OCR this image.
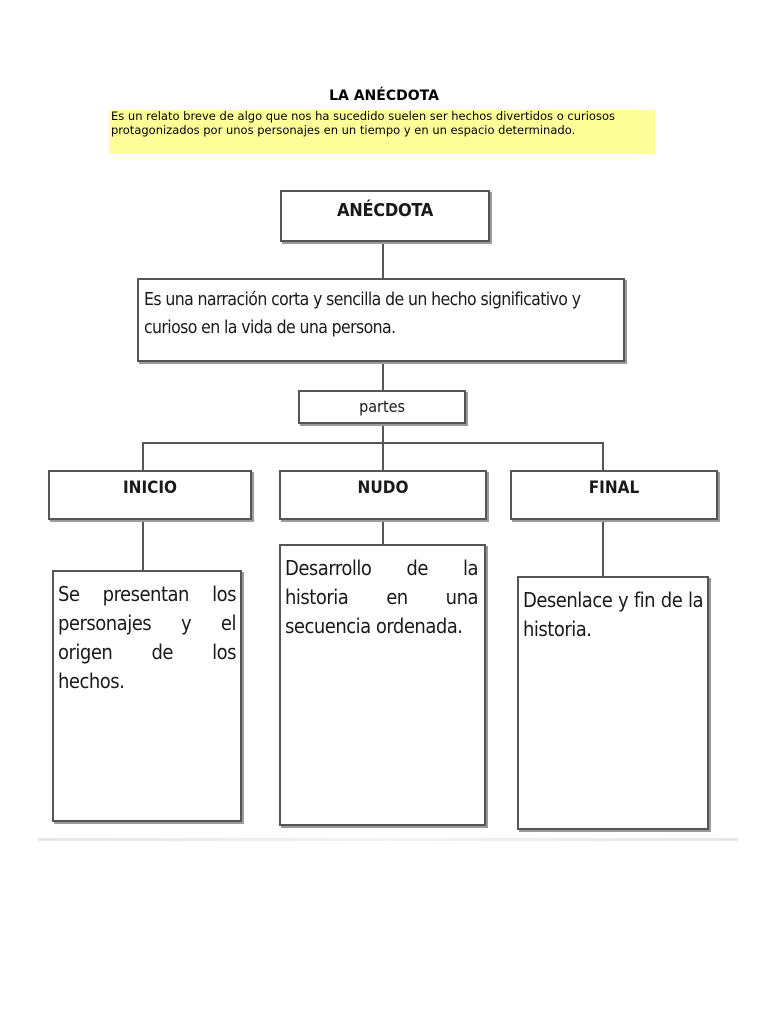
LA ANÉCDOTA
Es un relato breve de algo que nos ha sucedido suelen ser hechos divertidos o curiosos protagonizados por unos personajes en un tiempo y en un espacio determinado.
ANÉCDOTA
Es una narración corta y sencilla de un hecho significativo y curioso en la vida de una persona.
partes
INICIO
Se presentan los personajes y el origen de los hechos.
NUDO
Desarrollo de la historia en una secuencia ordenada.
FINAL
Desenlace y fin de la historia.
